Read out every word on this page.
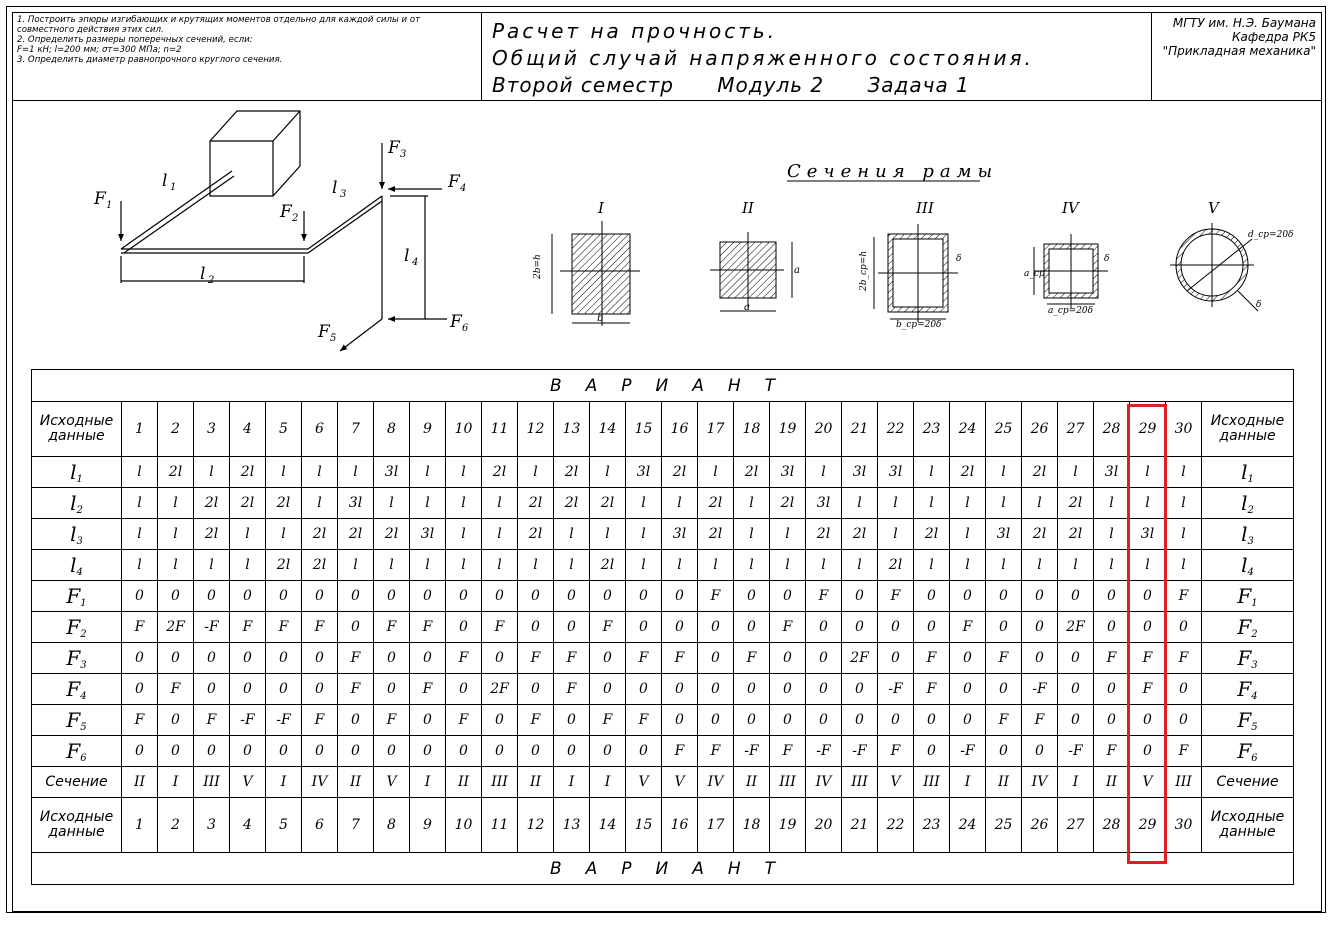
1. Построить эпюры изгибающих и крутящих моментов отдельно для каждой силы и от совместного действия этих сил.
2. Определить размеры поперечных сечений, если:
F=1 кН; l=200 мм; σт=300 МПа; n=2
3. Определить диаметр равнопрочного круглого сечения.
Расчет на прочность.
Общий случай напряженного состояния.
Второй семестр Модуль 2 Задача 1
МГТУ им. Н.Э. Баумана
Кафедра РК5
"Прикладная механика"
F 1
l 1
l 2
F 2
l 3
F 3
F 4
l 4
F 5
F 6
Сечения рамы
I	II	III	IV	V
2b=h
b
a
a
2b_ср=h
b_ср=20δ
δ
a_ср
a_ср=20δ
δ
d_ср=20δ
δ
ВАРИАНТ																															
Исходные данные	1	2	3	4	5	6	7	8	9	10	11	12	13	14	15	16	17	18	19	20	21	22	23	24	25	26	27	28	29	30	Исходные данные
$l_1$	l	2l	l	2l	l	l	l	3l	l	l	2l	l	2l	l	3l	2l	l	2l	3l	l	3l	3l	l	2l	l	2l	l	3l	l	l	$l_1$
$l_2$	l	l	2l	2l	2l	l	3l	l	l	l	l	2l	2l	2l	l	l	2l	l	2l	3l	l	l	l	l	l	l	2l	l	l	l	$l_2$
$l_3$	l	l	2l	l	l	2l	2l	2l	3l	l	l	2l	l	l	l	3l	2l	l	l	2l	2l	l	2l	l	3l	2l	2l	l	3l	l	$l_3$
$l_4$	l	l	l	l	2l	2l	l	l	l	l	l	l	l	2l	l	l	l	l	l	l	l	2l	l	l	l	l	l	l	l	l	$l_4$
$F_1$	0	0	0	0	0	0	0	0	0	0	0	0	0	0	0	0	F	0	0	F	0	F	0	0	0	0	0	0	0	F	$F_1$
$F_2$	F	2F	-F	F	F	F	0	F	F	0	F	0	0	F	0	0	0	0	F	0	0	0	0	F	0	0	2F	0	0	0	$F_2$
$F_3$	0	0	0	0	0	0	F	0	0	F	0	F	F	0	F	F	0	F	0	0	2F	0	F	0	F	0	0	F	F	F	$F_3$
$F_4$	0	F	0	0	0	0	F	0	F	0	2F	0	F	0	0	0	0	0	0	0	0	-F	F	0	0	-F	0	0	F	0	$F_4$
$F_5$	F	0	F	-F	-F	F	0	F	0	F	0	F	0	F	F	0	0	0	0	0	0	0	0	0	F	F	0	0	0	0	$F_5$
$F_6$	0	0	0	0	0	0	0	0	0	0	0	0	0	0	0	F	F	-F	F	-F	-F	F	0	-F	0	0	-F	F	0	F	$F_6$
Сечение	II	I	III	V	I	IV	II	V	I	II	III	II	I	I	V	V	IV	II	III	IV	III	V	III	I	II	IV	I	II	V	III	Сечение
Исходные данные	1	2	3	4	5	6	7	8	9	10	11	12	13	14	15	16	17	18	19	20	21	22	23	24	25	26	27	28	29	30	Исходные данные
ВАРИАНТ																															
